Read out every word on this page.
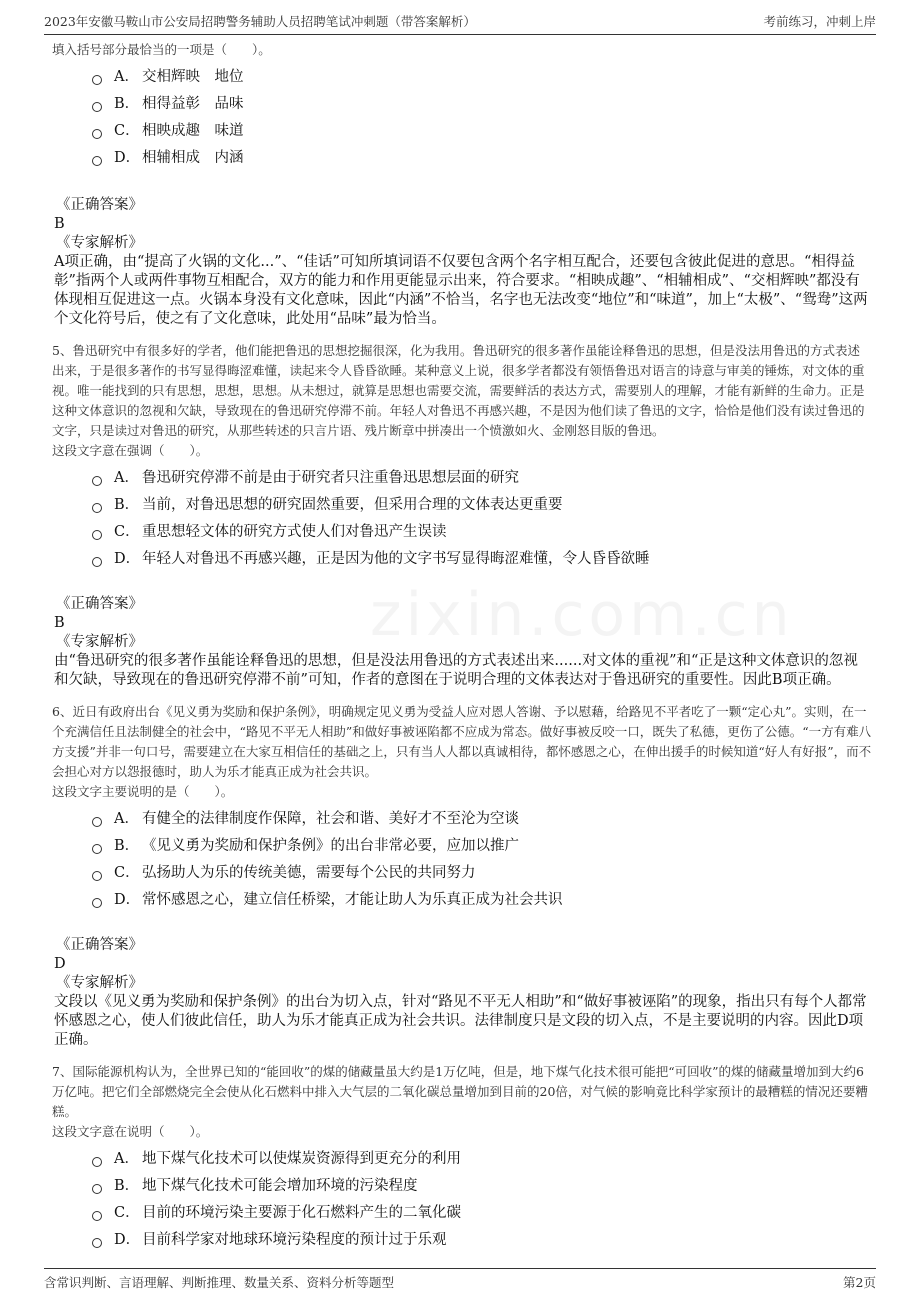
2023年安徽马鞍山市公安局招聘警务辅助人员招聘笔试冲刺题（带答案解析）	考前练习，冲刺上岸
zixin.com.cn

填入括号部分最恰当的一项是（　　）。

A． 交相辉映　地位
B． 相得益彰　品味
C． 相映成趣　味道
D． 相辅相成　内涵
《正确答案》
B
《专家解析》

A项正确，由“提高了火锅的文化...”、“佳话”可知所填词语不仅要包含两个名字相互配合，还要包含彼此促进的意思。“相得益彰”指两个人或两件事物互相配合，双方的能力和作用更能显示出来，符合要求。“相映成趣”、“相辅相成”、“交相辉映”都没有体现相互促进这一点。火锅本身没有文化意味，因此“内涵”不恰当，名字也无法改变“地位”和“味道”，加上“太极”、“鸳鸯”这两个文化符号后，使之有了文化意味，此处用“品味”最为恰当。

5、鲁迅研究中有很多好的学者，他们能把鲁迅的思想挖掘很深，化为我用。鲁迅研究的很多著作虽能诠释鲁迅的思想，但是没法用鲁迅的方式表述出来，于是很多著作的书写显得晦涩难懂，读起来令人昏昏欲睡。某种意义上说，很多学者都没有领悟鲁迅对语言的诗意与审美的锤炼，对文体的重视。唯一能找到的只有思想，思想，思想。从未想过，就算是思想也需要交流，需要鲜活的表达方式，需要别人的理解，才能有新鲜的生命力。正是这种文体意识的忽视和欠缺，导致现在的鲁迅研究停滞不前。年轻人对鲁迅不再感兴趣，不是因为他们读了鲁迅的文字，恰恰是他们没有读过鲁迅的文字，只是读过对鲁迅的研究，从那些转述的只言片语、残片断章中拼凑出一个愤激如火、金刚怒目版的鲁迅。

这段文字意在强调（　　）。

A． 鲁迅研究停滞不前是由于研究者只注重鲁迅思想层面的研究
B． 当前，对鲁迅思想的研究固然重要，但采用合理的文体表达更重要
C． 重思想轻文体的研究方式使人们对鲁迅产生误读
D． 年轻人对鲁迅不再感兴趣，正是因为他的文字书写显得晦涩难懂，令人昏昏欲睡
《正确答案》
B
《专家解析》

由“鲁迅研究的很多著作虽能诠释鲁迅的思想，但是没法用鲁迅的方式表述出来......对文体的重视”和“正是这种文体意识的忽视和欠缺，导致现在的鲁迅研究停滞不前”可知，作者的意图在于说明合理的文体表达对于鲁迅研究的重要性。因此B项正确。

6、近日有政府出台《见义勇为奖励和保护条例》，明确规定见义勇为受益人应对恩人答谢、予以慰藉，给路见不平者吃了一颗“定心丸”。实则，在一个充满信任且法制健全的社会中，“路见不平无人相助”和做好事被诬陷都不应成为常态。做好事被反咬一口，既失了私德，更伤了公德。“一方有难八方支援”并非一句口号，需要建立在大家互相信任的基础之上，只有当人人都以真诚相待，都怀感恩之心，在伸出援手的时候知道“好人有好报”，而不会担心对方以怨报德时，助人为乐才能真正成为社会共识。

这段文字主要说明的是（　　）。

A． 有健全的法律制度作保障，社会和谐、美好才不至沦为空谈
B． 《见义勇为奖励和保护条例》的出台非常必要，应加以推广
C． 弘扬助人为乐的传统美德，需要每个公民的共同努力
D． 常怀感恩之心，建立信任桥梁，才能让助人为乐真正成为社会共识
《正确答案》
D
《专家解析》

文段以《见义勇为奖励和保护条例》的出台为切入点，针对“路见不平无人相助”和“做好事被诬陷”的现象，指出只有每个人都常怀感恩之心，使人们彼此信任，助人为乐才能真正成为社会共识。法律制度只是文段的切入点，不是主要说明的内容。因此D项正确。

7、国际能源机构认为，全世界已知的“能回收”的煤的储藏量虽大约是1万亿吨，但是，地下煤气化技术很可能把“可回收”的煤的储藏量增加到大约6万亿吨。把它们全部燃烧完全会使从化石燃料中排入大气层的二氧化碳总量增加到目前的20倍，对气候的影响竟比科学家预计的最糟糕的情况还要糟糕。

这段文字意在说明（　　）。

A． 地下煤气化技术可以使煤炭资源得到更充分的利用
B． 地下煤气化技术可能会增加环境的污染程度
C． 目前的环境污染主要源于化石燃料产生的二氧化碳
D． 目前科学家对地球环境污染程度的预计过于乐观
含常识判断、言语理解、判断推理、数量关系、资料分析等题型	第2页
